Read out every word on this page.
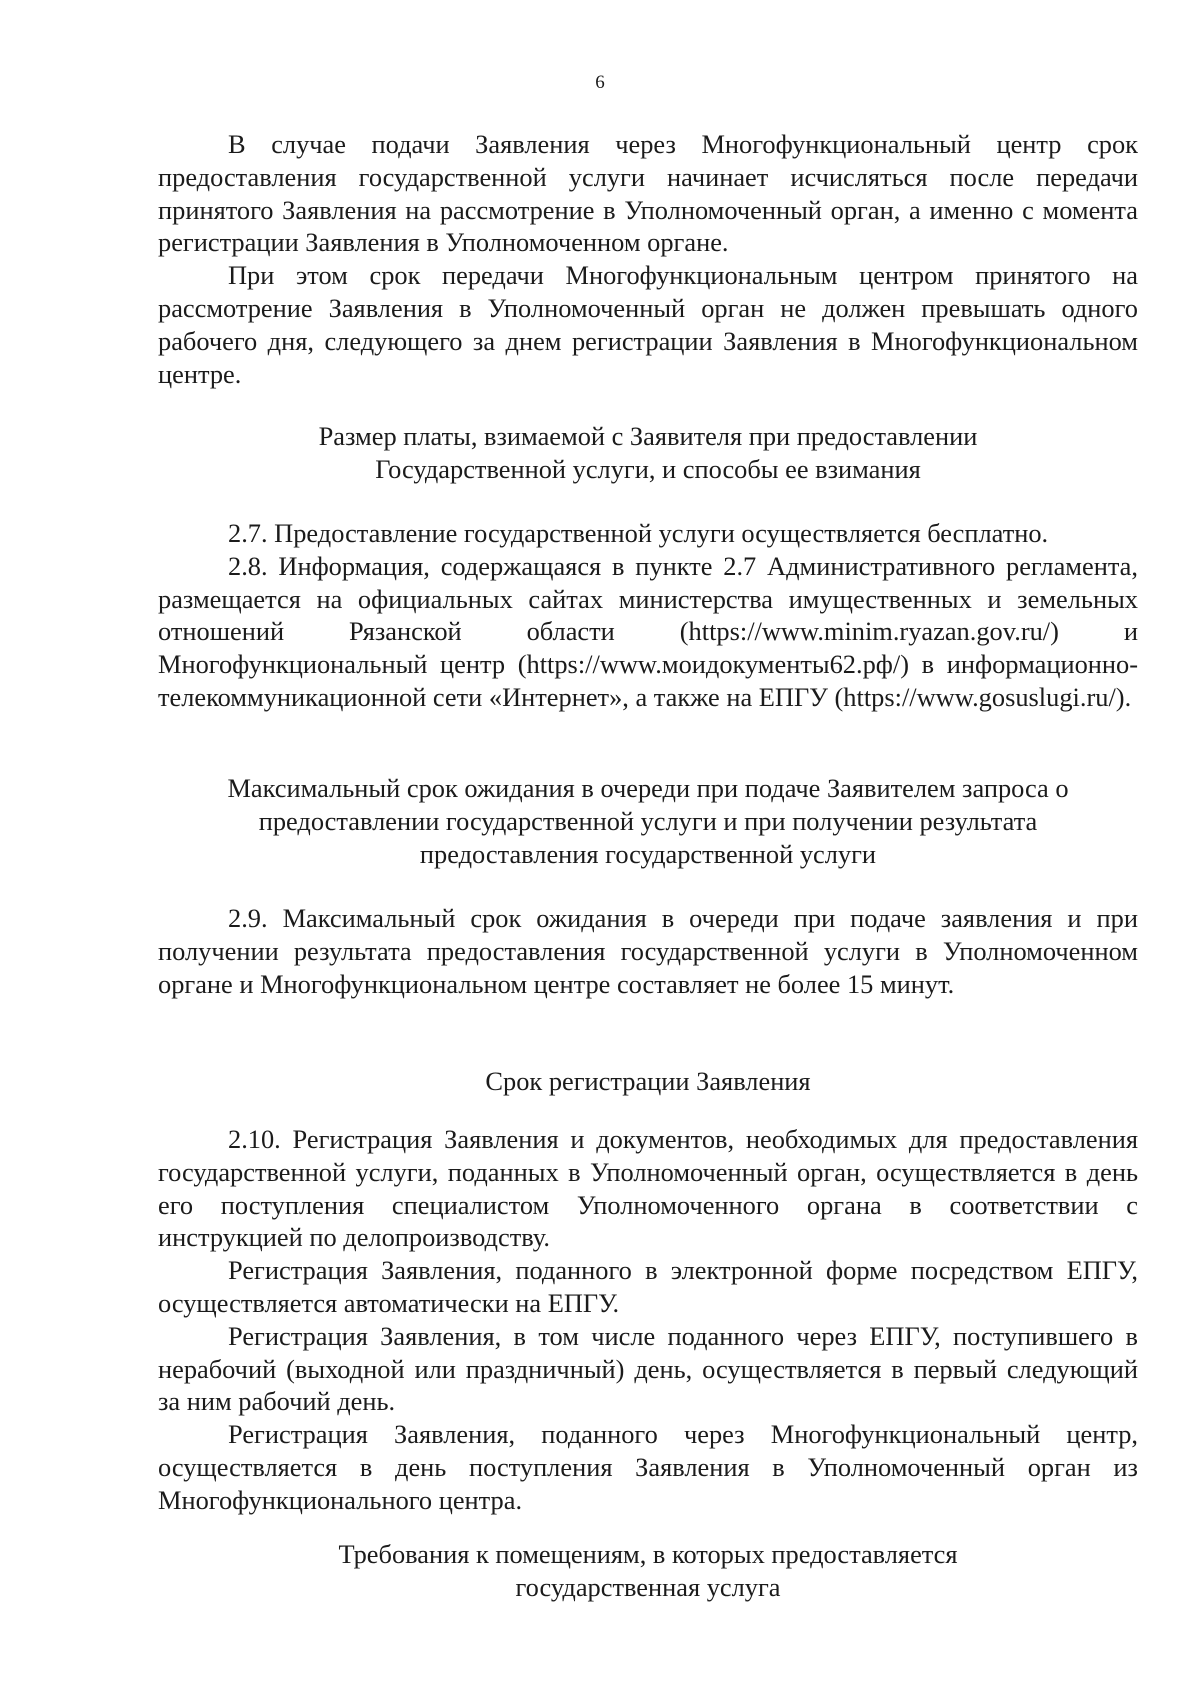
6

В случае подачи Заявления через Многофункциональный центр срок предоставления государственной услуги начинает исчисляться после передачи принятого Заявления на рассмотрение в Уполномоченный орган, а именно с момента регистрации Заявления в Уполномоченном органе.

При этом срок передачи Многофункциональным центром принятого на рассмотрение Заявления в Уполномоченный орган не должен превышать одного рабочего дня, следующего за днем регистрации Заявления в Многофункциональном центре.

Размер платы, взимаемой с Заявителя при предоставлении
Государственной услуги, и способы ее взимания

2.7. Предоставление государственной услуги осуществляется бесплатно.

2.8. Информация, содержащаяся в пункте 2.7 Административного регламента, размещается на официальных сайтах министерства имущественных и земельных отношений Рязанской области (https://www.minim.ryazan.gov.ru/) и Многофункциональный центр (https://www.моидокументы62.рф/) в информационно-телекоммуникационной сети «Интернет», а также на ЕПГУ (https://www.gosuslugi.ru/).

Максимальный срок ожидания в очереди при подаче Заявителем запроса о
предоставлении государственной услуги и при получении результата
предоставления государственной услуги

2.9. Максимальный срок ожидания в очереди при подаче заявления и при получении результата предоставления государственной услуги в Уполномоченном органе и Многофункциональном центре составляет не более 15 минут.

Срок регистрации Заявления

2.10. Регистрация Заявления и документов, необходимых для предоставления государственной услуги, поданных в Уполномоченный орган, осуществляется в день его поступления специалистом Уполномоченного органа в соответствии с инструкцией по делопроизводству.

Регистрация Заявления, поданного в электронной форме посредством ЕПГУ, осуществляется автоматически на ЕПГУ.

Регистрация Заявления, в том числе поданного через ЕПГУ, поступившего в нерабочий (выходной или праздничный) день, осуществляется в первый следующий за ним рабочий день.

Регистрация Заявления, поданного через Многофункциональный центр, осуществляется в день поступления Заявления в Уполномоченный орган из Многофункционального центра.

Требования к помещениям, в которых предоставляется
государственная услуга
